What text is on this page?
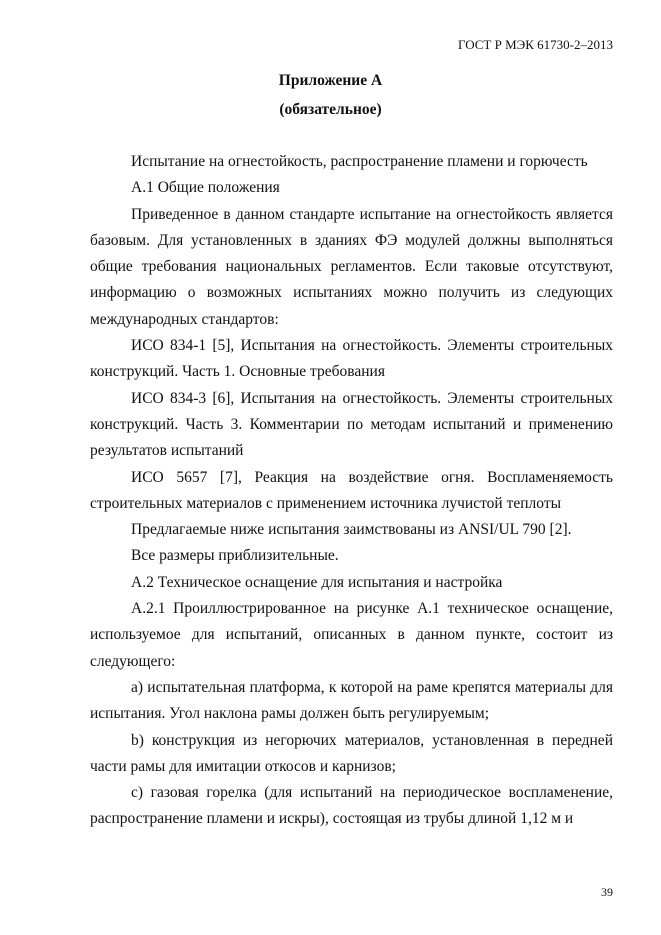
ГОСТ Р МЭК 61730-2–2013
Приложение А
(обязательное)

Испытание на огнестойкость, распространение пламени и горючесть

А.1 Общие положения

Приведенное в данном стандарте испытание на огнестойкость является базовым. Для установленных в зданиях ФЭ модулей должны выполняться общие требования национальных регламентов. Если таковые отсутствуют, информацию о возможных испытаниях можно получить из следующих международных стандартов:

ИСО 834-1 [5], Испытания на огнестойкость. Элементы строительных конструкций. Часть 1. Основные требования

ИСО 834-3 [6], Испытания на огнестойкость. Элементы строительных конструкций. Часть 3. Комментарии по методам испытаний и применению результатов испытаний

ИСО 5657 [7], Реакция на воздействие огня. Воспламеняемость строительных материалов с применением источника лучистой теплоты

Предлагаемые ниже испытания заимствованы из ANSI/UL 790 [2].

Все размеры приблизительные.

А.2 Техническое оснащение для испытания и настройка

А.2.1 Проиллюстрированное на рисунке А.1 техническое оснащение, используемое для испытаний, описанных в данном пункте, состоит из следующего:

a) испытательная платформа, к которой на раме крепятся материалы для испытания. Угол наклона рамы должен быть регулируемым;

b) конструкция из негорючих материалов, установленная в передней части рамы для имитации откосов и карнизов;

c) газовая горелка (для испытаний на периодическое воспламенение, распространение пламени и искры), состоящая из трубы длиной 1,12 м и

39
